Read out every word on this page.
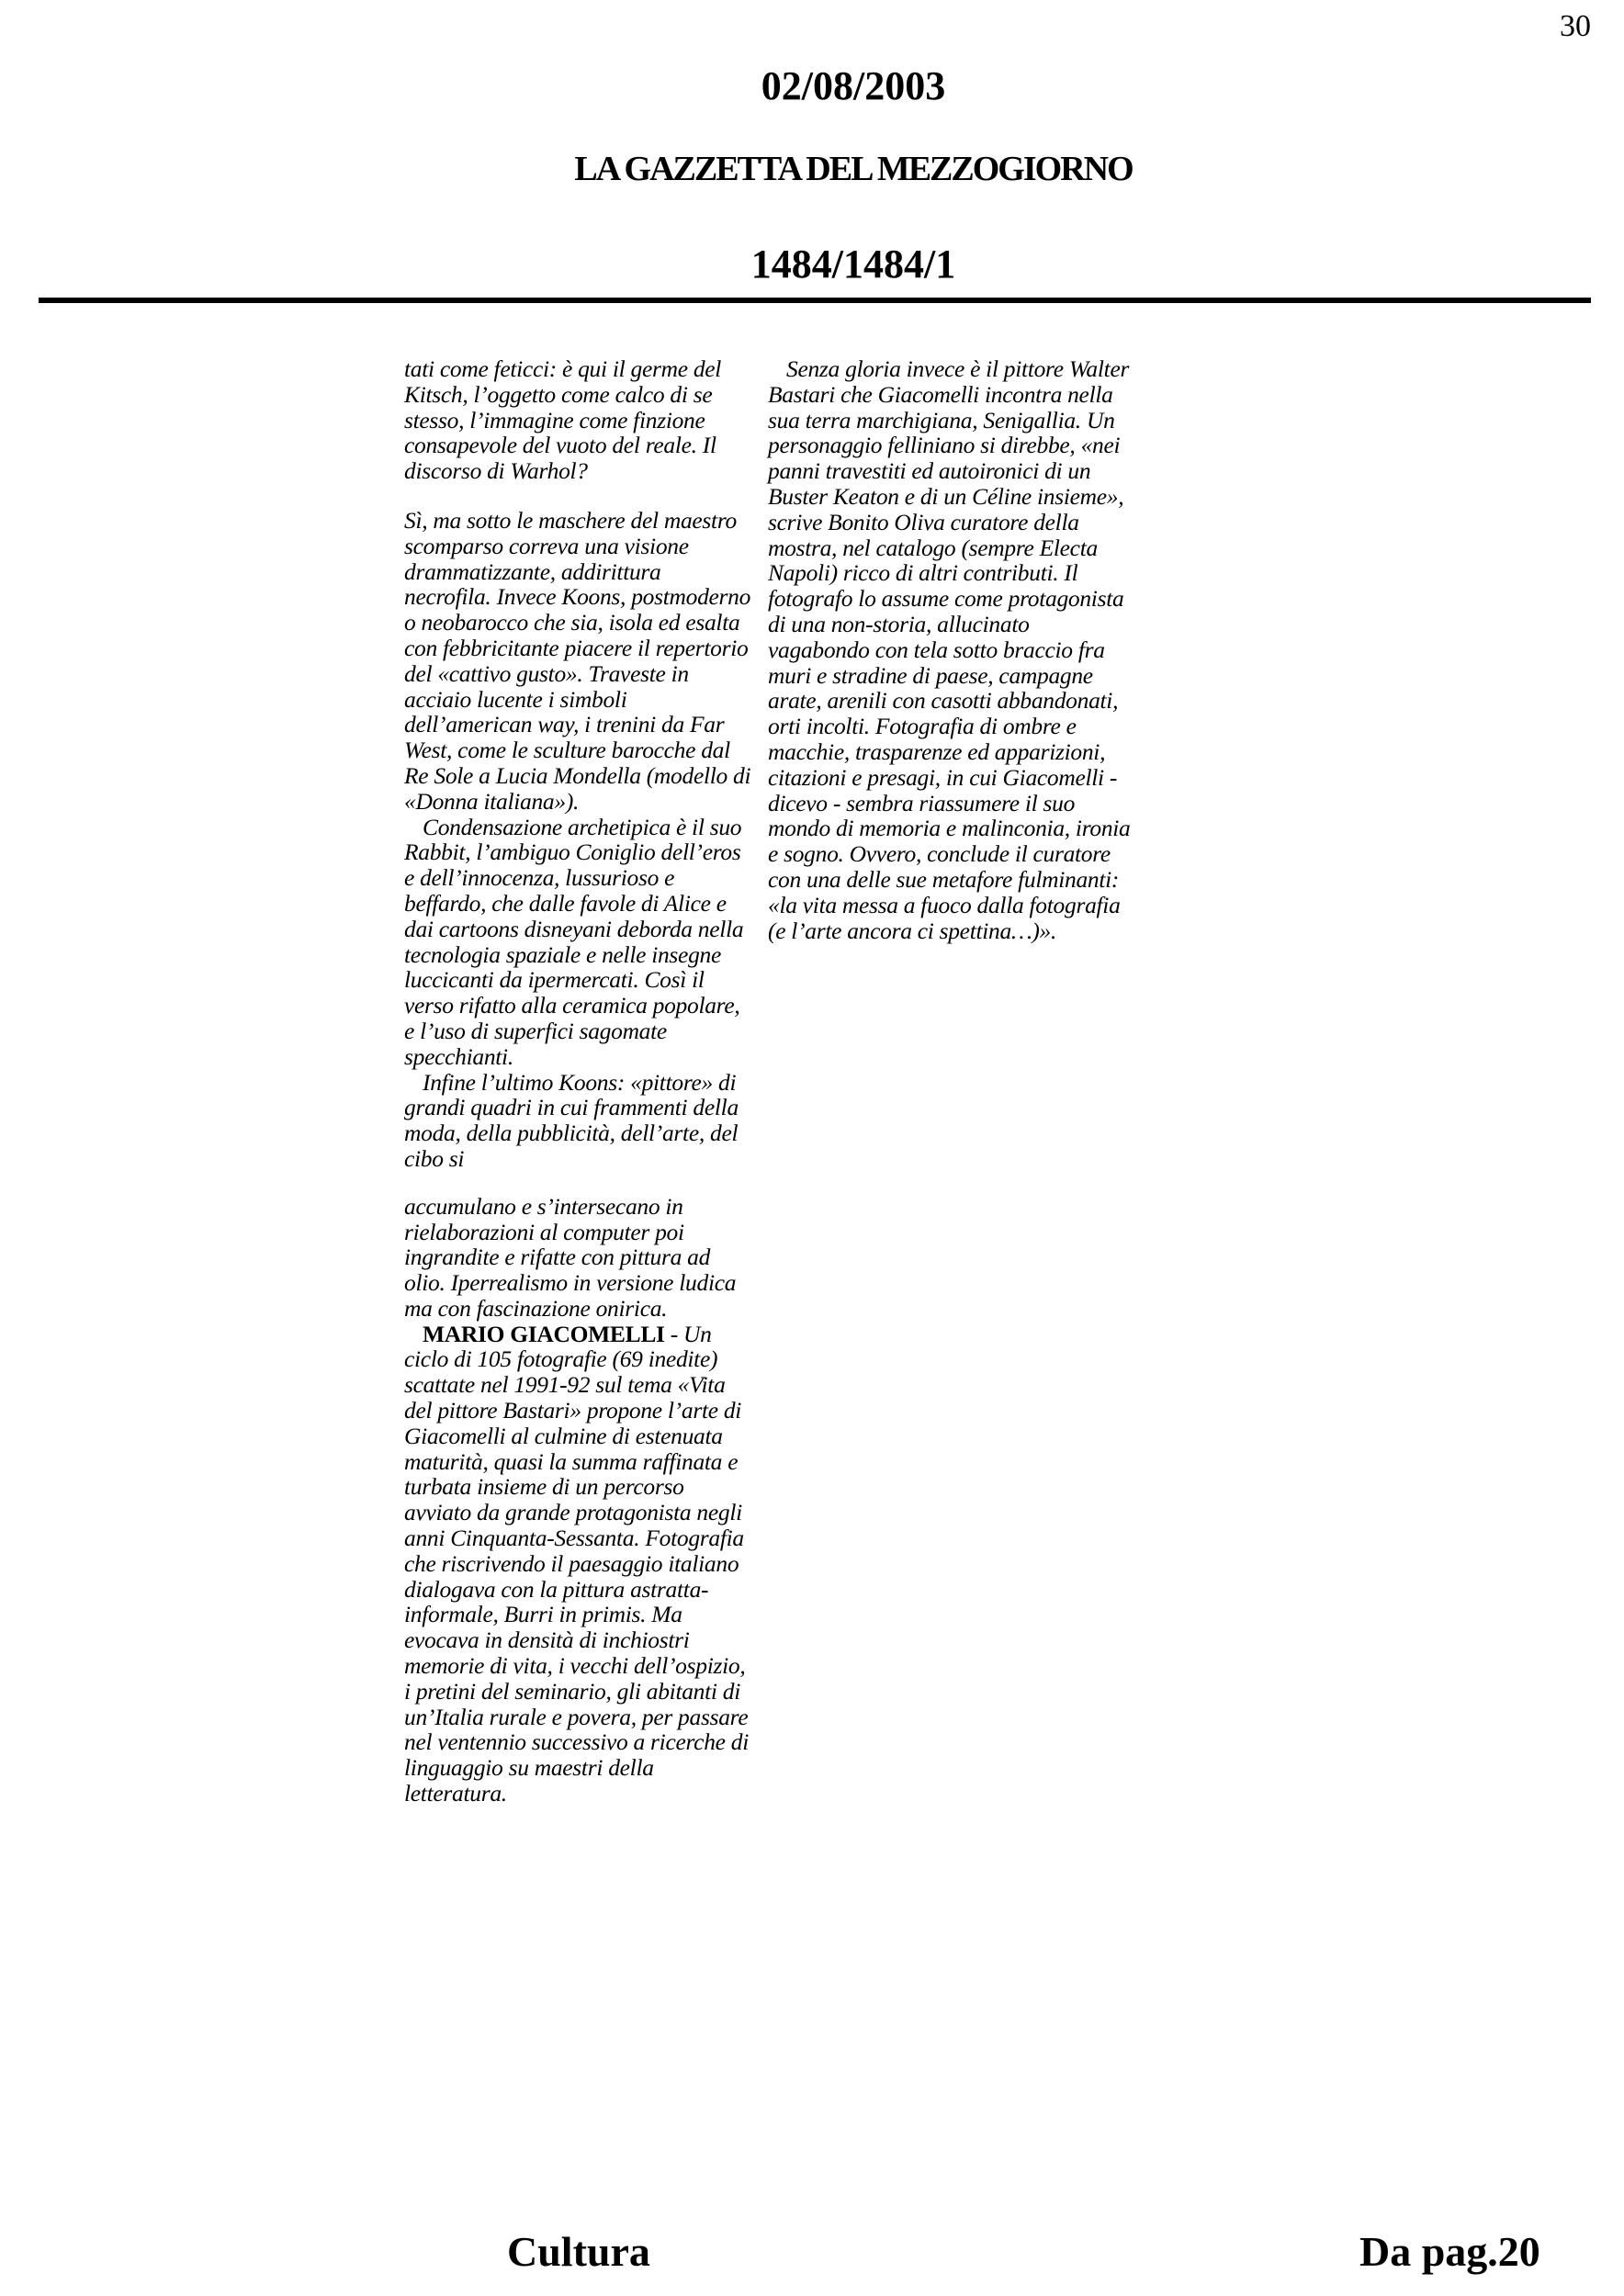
30
02/08/2003
LA GAZZETTA DEL MEZZOGIORNO
1484/1484/1

tati come feticci: è qui il germe del Kitsch, l’oggetto come calco di se stesso, l’immagine come finzione consapevole del vuoto del reale. Il discorso di Warhol?

Sì, ma sotto le maschere del maestro scomparso correva una visione drammatizzante, addirittura necrofila. Invece Koons, postmoderno o neobarocco che sia, isola ed esalta con febbricitante piacere il repertorio del «cattivo gusto». Traveste in acciaio lucente i simboli dell’american way, i trenini da Far West, come le sculture barocche dal Re Sole a Lucia Mondella (modello di «Donna italiana»).

Condensazione archetipica è il suo Rabbit, l’ambiguo Coniglio dell’eros e dell’innocenza, lussurioso e beffardo, che dalle favole di Alice e dai cartoons disneyani deborda nella tecnologia spaziale e nelle insegne luccicanti da ipermercati. Così il verso rifatto alla ceramica popolare, e l’uso di superfici sagomate specchianti.

Infine l’ultimo Koons: «pittore» di grandi quadri in cui frammenti della moda, della pubblicità, dell’arte, del cibo si

accumulano e s’intersecano in rielaborazioni al computer poi ingrandite e rifatte con pittura ad olio. Iperrealismo in versione ludica ma con fascinazione onirica.

MARIO GIACOMELLI - Un ciclo di 105 fotografie (69 inedite) scattate nel 1991-92 sul tema «Vita del pittore Bastari» propone l’arte di Giacomelli al culmine di estenuata maturità, quasi la summa raffinata e turbata insieme di un percorso avviato da grande protagonista negli anni Cinquanta-Sessanta. Fotografia che riscrivendo il paesaggio italiano dialogava con la pittura astratta-informale, Burri in primis. Ma evocava in densità di inchiostri memorie di vita, i vecchi dell’ospizio, i pretini del seminario, gli abitanti di un’Italia rurale e povera, per passare nel ventennio successivo a ricerche di linguaggio su maestri della letteratura.

Senza gloria invece è il pittore Walter Bastari che Giacomelli incontra nella sua terra marchigiana, Senigallia. Un personaggio felliniano si direbbe, «nei panni travestiti ed autoironici di un Buster Keaton e di un Céline insieme», scrive Bonito Oliva curatore della mostra, nel catalogo (sempre Electa Napoli) ricco di altri contributi. Il fotografo lo assume come protagonista di una non-storia, allucinato vagabondo con tela sotto braccio fra muri e stradine di paese, campagne arate, arenili con casotti abbandonati, orti incolti. Fotografia di ombre e macchie, trasparenze ed apparizioni, citazioni e presagi, in cui Giacomelli - dicevo - sembra riassumere il suo mondo di memoria e malinconia, ironia e sogno. Ovvero, conclude il curatore con una delle sue metafore fulminanti: «la vita messa a fuoco dalla fotografia (e l’arte ancora ci spettina…)».

Cultura	Da pag.20
